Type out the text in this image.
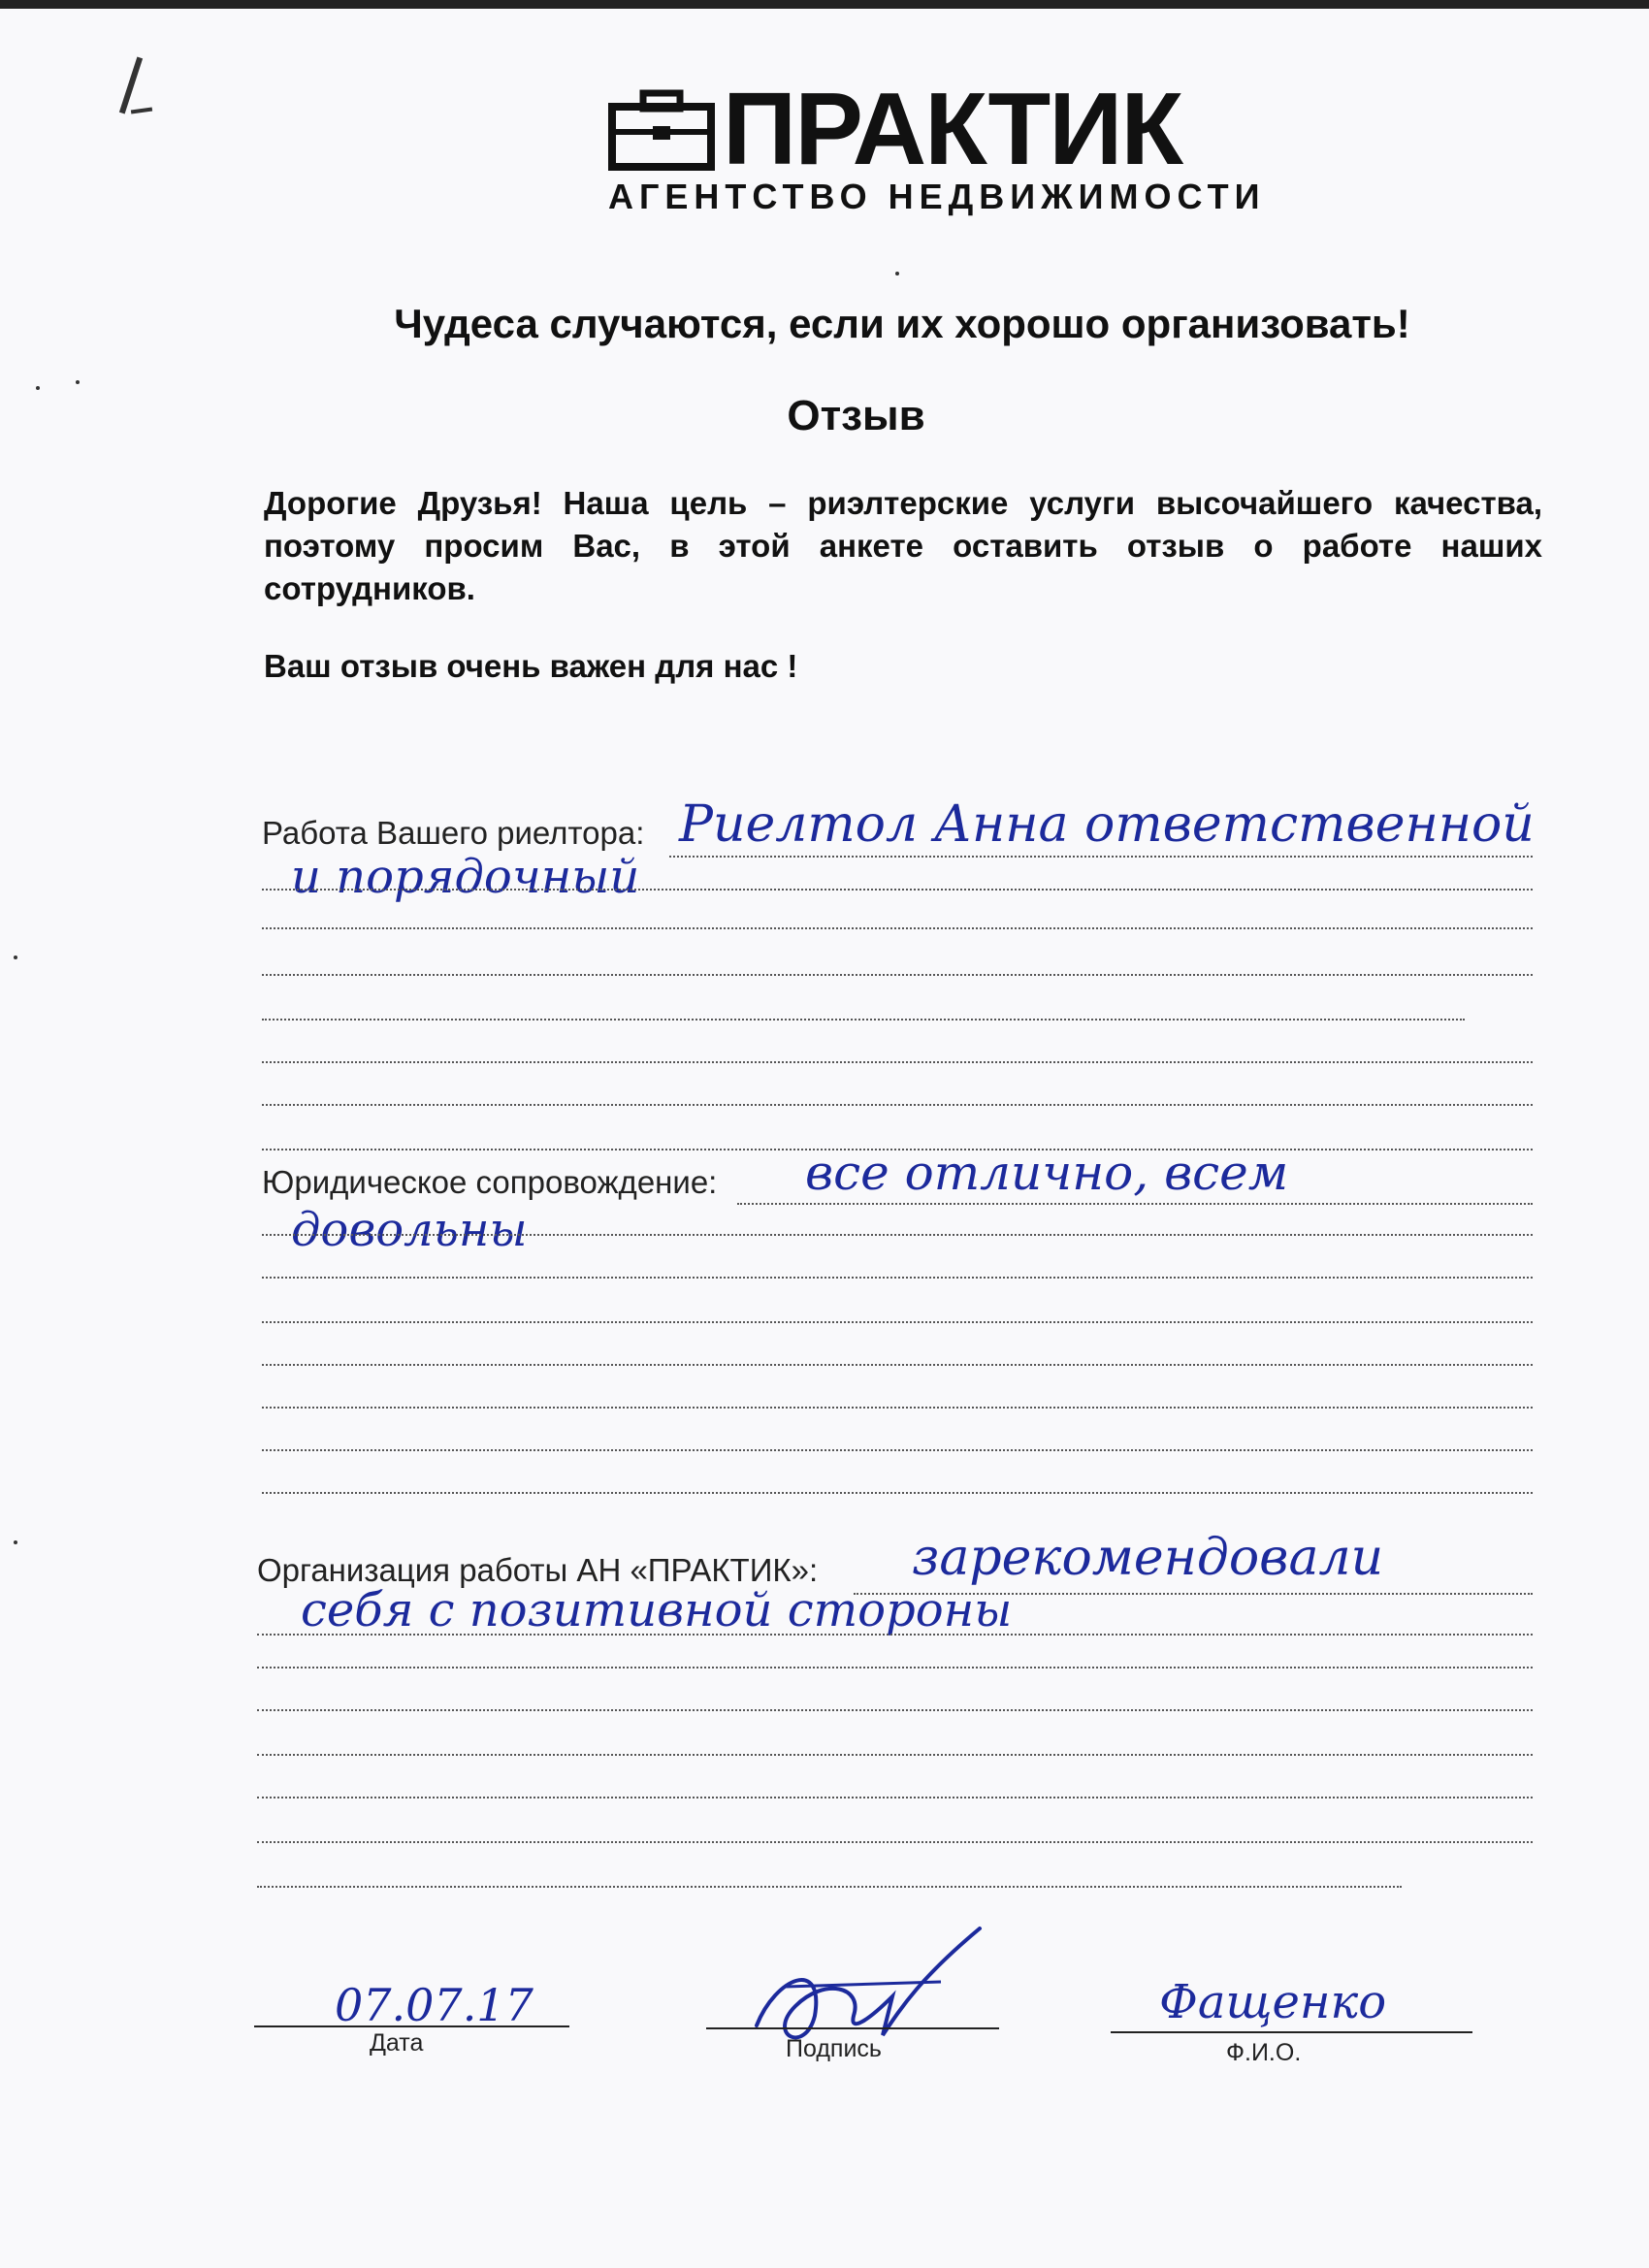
ПРАКТИК
АГЕНТСТВО НЕДВИЖИМОСТИ
Чудеса случаются, если их хорошо организовать!
Отзыв
Дорогие Друзья! Наша цель – риэлтерские услуги высочайшего качества, поэтому просим Вас, в этой анкете оставить отзыв о работе наших сотрудников.
Ваш отзыв очень важен для нас !
Работа Вашего риелтора: Риелтол Анна ответственной
и порядочный
Юридическое сопровождение: все отлично, всем
довольны
Организация работы АН «ПРАКТИК»: зарекомендовали
себя с позитивной стороны
07.07.17
Дата	Подпись
Фащенко
Ф.И.О.
